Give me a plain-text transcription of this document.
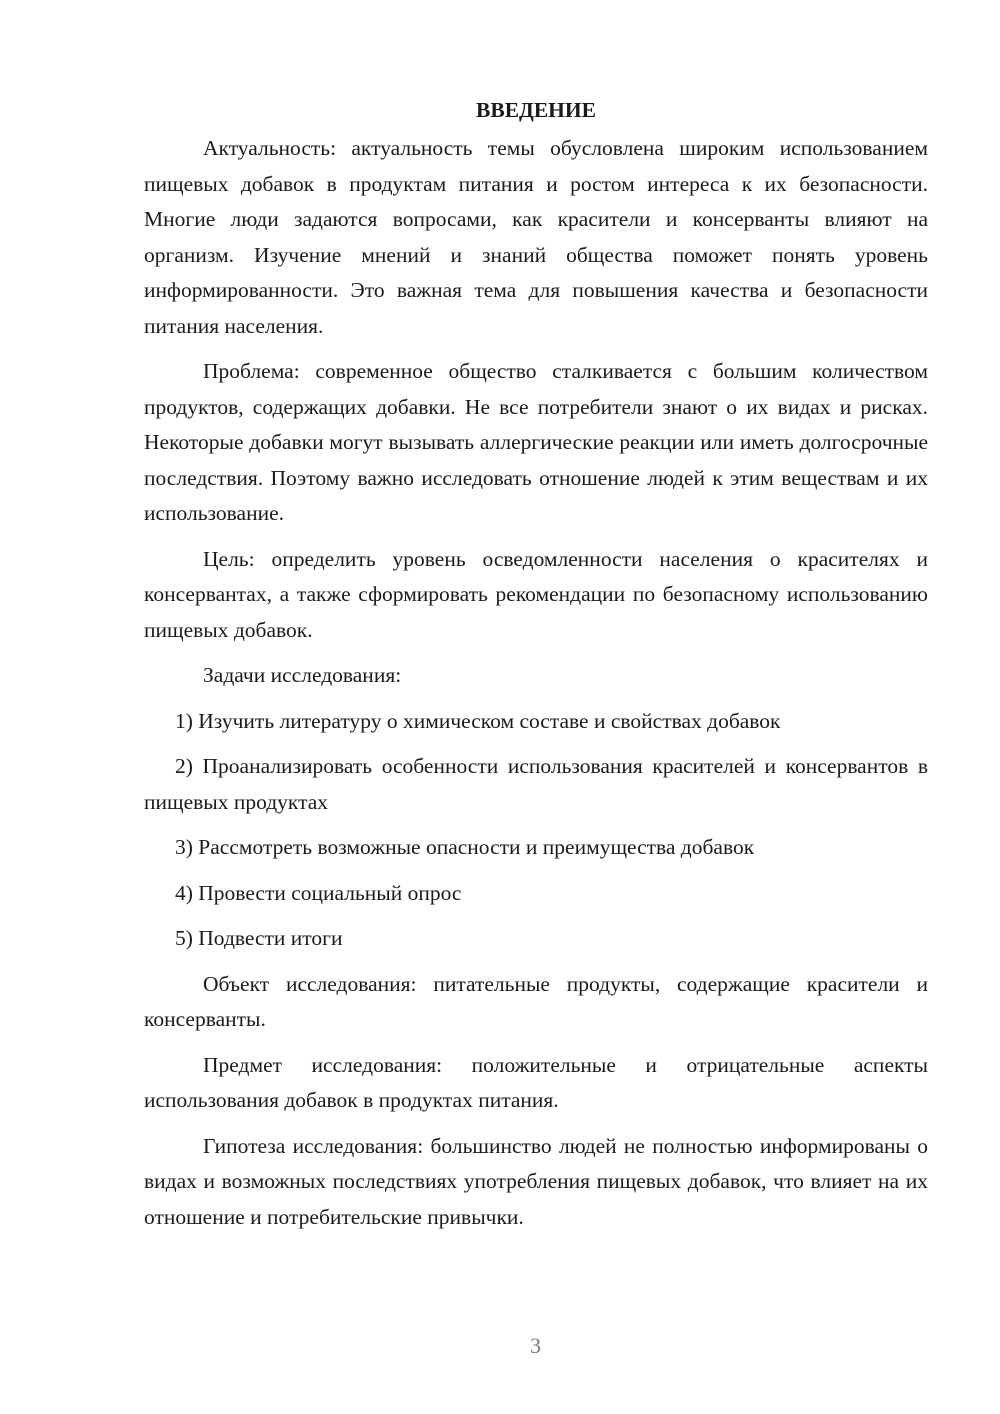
ВВЕДЕНИЕ

Актуальность: актуальность темы обусловлена широким использованием пищевых добавок в продуктам питания и ростом интереса к их безопасности. Многие люди задаются вопросами, как красители и консерванты влияют на организм. Изучение мнений и знаний общества поможет понять уровень информированности. Это важная тема для повышения качества и безопасности питания населения.

Проблема: современное общество сталкивается с большим количеством продуктов, содержащих добавки. Не все потребители знают о их видах и рисках. Некоторые добавки могут вызывать аллергические реакции или иметь долгосрочные последствия. Поэтому важно исследовать отношение людей к этим веществам и их использование.

Цель: определить уровень осведомленности населения о красителях и консервантах, а также сформировать рекомендации по безопасному использованию пищевых добавок.

Задачи исследования:

1) Изучить литературу о химическом составе и свойствах добавок

2) Проанализировать особенности использования красителей и консервантов в пищевых продуктах

3) Рассмотреть возможные опасности и преимущества добавок

4) Провести социальный опрос

5) Подвести итоги

Объект исследования: питательные продукты, содержащие красители и консерванты.

Предмет исследования: положительные и отрицательные аспекты использования добавок в продуктах питания.

Гипотеза исследования: большинство людей не полностью информированы о видах и возможных последствиях употребления пищевых добавок, что влияет на их отношение и потребительские привычки.

3
